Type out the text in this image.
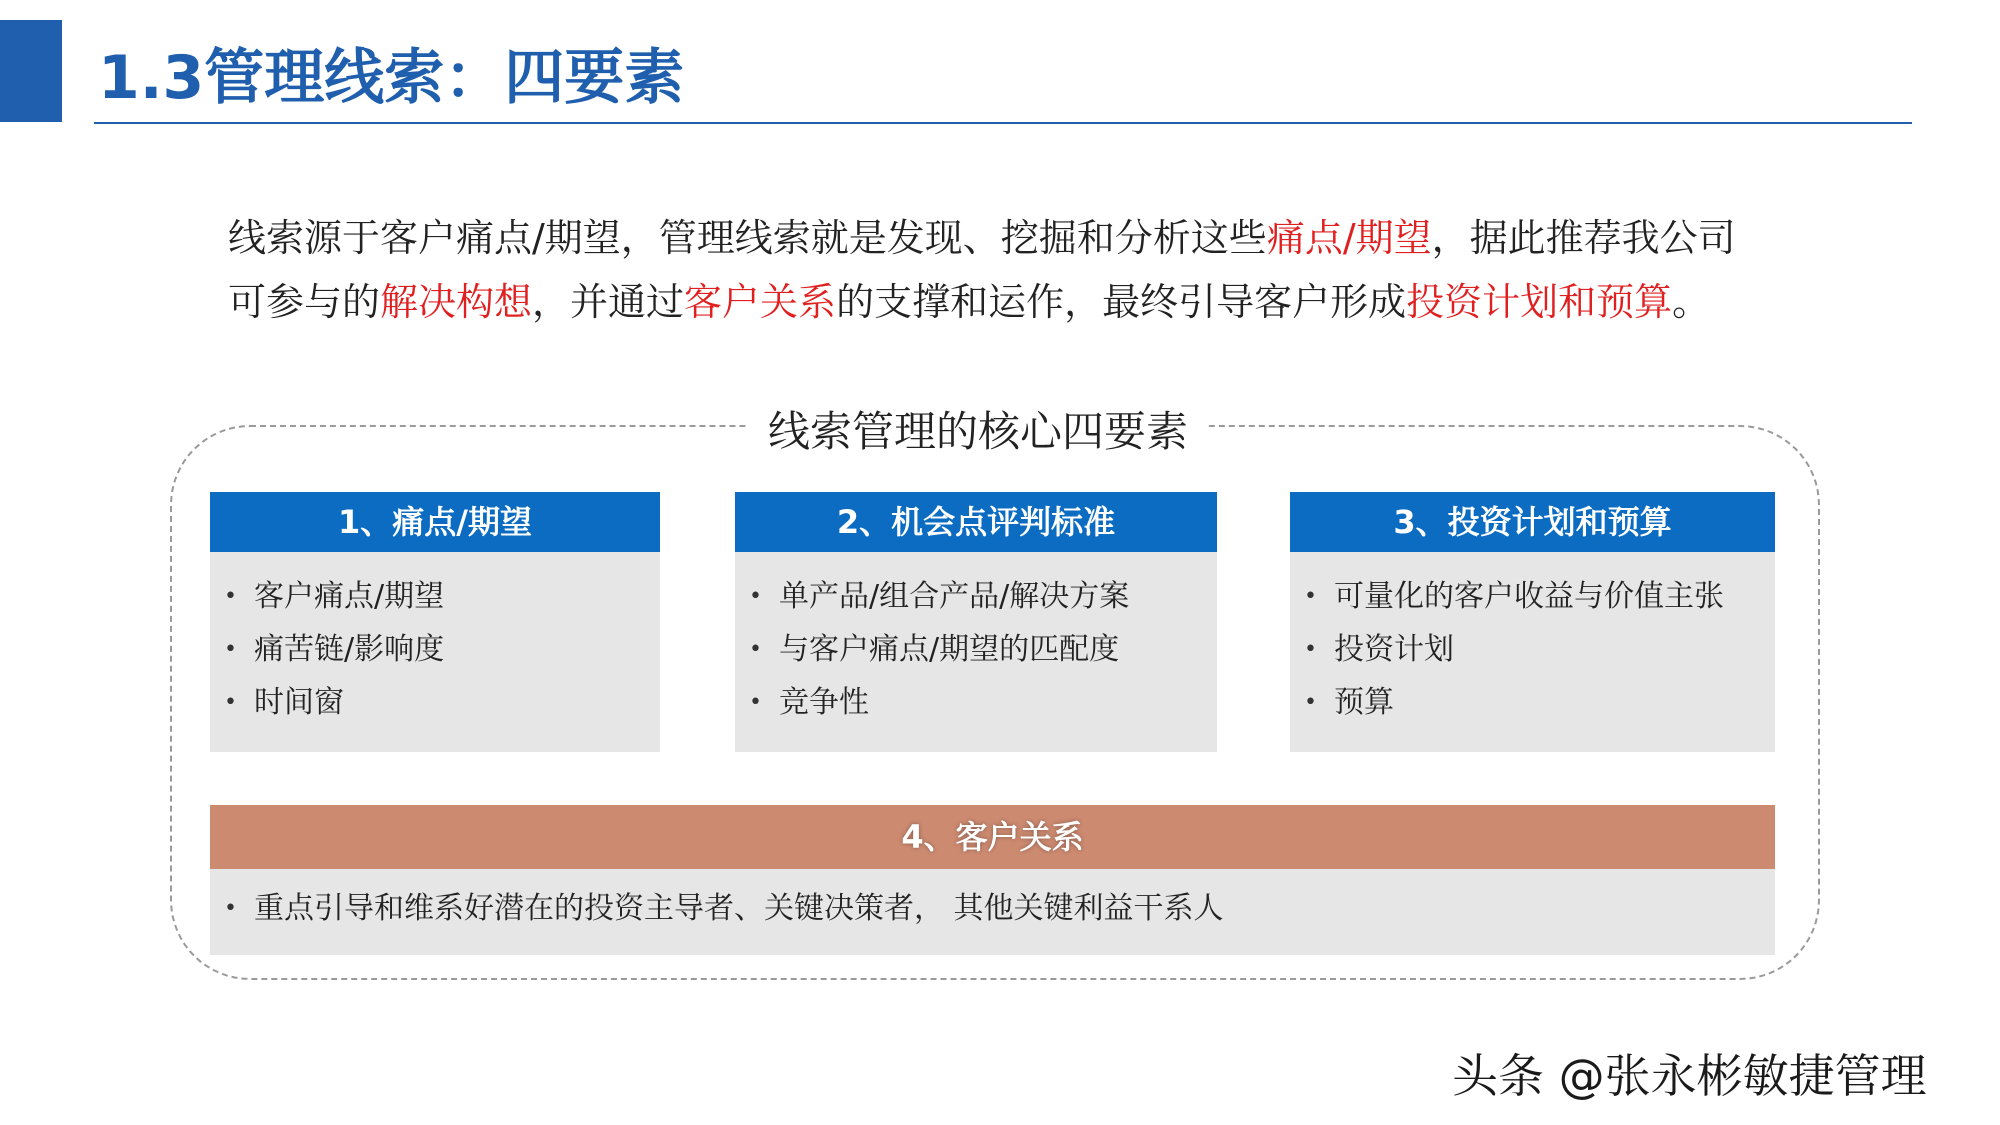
1.3管理线索：四要素
线索源于客户痛点/期望，管理线索就是发现、挖掘和分析这些痛点/期望，据此推荐我公司
可参与的解决构想，并通过客户关系的支撑和运作，最终引导客户形成投资计划和预算。
线索管理的核心四要素
1、痛点/期望
• 客户痛点/期望
• 痛苦链/影响度
• 时间窗
2、机会点评判标准
• 单产品/组合产品/解决方案
• 与客户痛点/期望的匹配度
• 竞争性
3、投资计划和预算
• 可量化的客户收益与价值主张
• 投资计划
• 预算
4、客户关系
• 重点引导和维系好潜在的投资主导者、关键决策者， 其他关键利益干系人
头条 @张永彬敏捷管理
